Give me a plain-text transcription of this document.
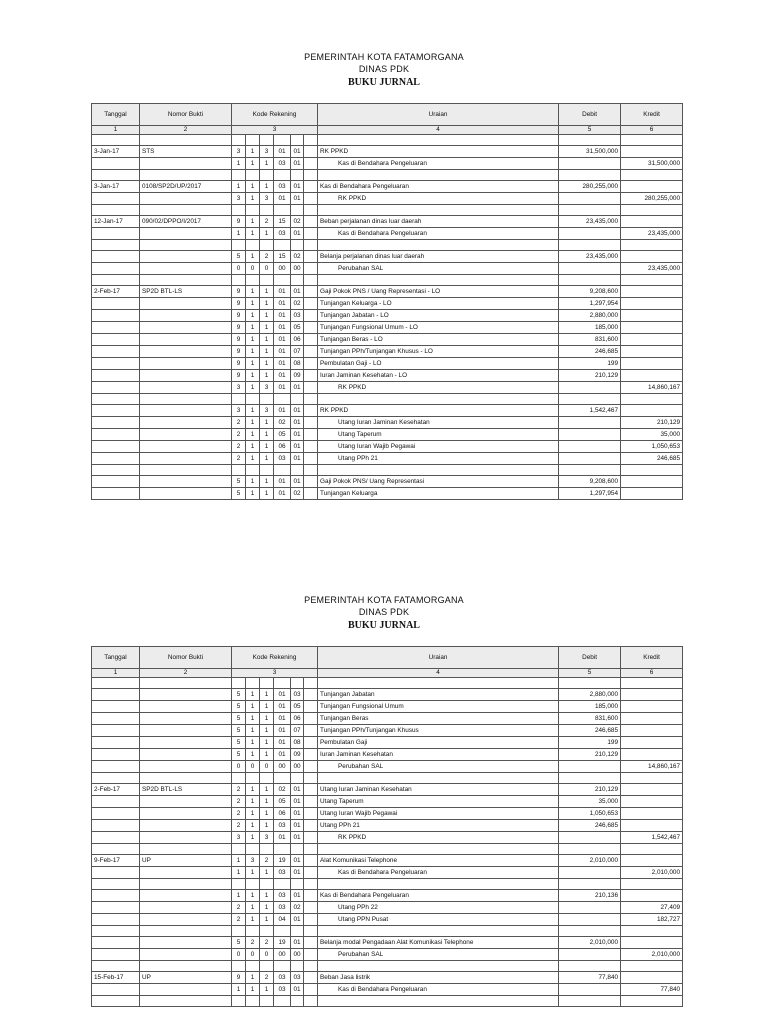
PEMERINTAH KOTA FATAMORGANA
DINAS PDK
BUKU JURNAL
Tanggal	Nomor Bukti	Kode Rekening						Uraian	Debit	Kredit
1	2	3						4	5	6

3-Jan-17	STS	3	1	3	01	01		RK PPKD	31,500,000	
		1	1	1	03	01		Kas di Bendahara Pengeluaran		31,500,000

3-Jan-17	0108/SP2D/UP/2017	1	1	1	03	01		Kas di Bendahara Pengeluaran	280,255,000	
		3	1	3	01	01		RK PPKD		280,255,000

12-Jan-17	090/02/DPPO/I/2017	9	1	2	15	02		Beban perjalanan dinas luar daerah	23,435,000	
		1	1	1	03	01		Kas di Bendahara Pengeluaran		23,435,000

		5	1	2	15	02		Belanja perjalanan dinas luar daerah	23,435,000	
		0	0	0	00	00		Perubahan SAL		23,435,000

2-Feb-17	SP2D BTL-LS	9	1	1	01	01		Gaji Pokok PNS / Uang Representasi - LO	9,208,600	
		9	1	1	01	02		Tunjangan Keluarga - LO	1,297,954	
		9	1	1	01	03		Tunjangan Jabatan - LO	2,880,000	
		9	1	1	01	05		Tunjangan Fungsional Umum - LO	185,000	
		9	1	1	01	06		Tunjangan Beras - LO	831,600	
		9	1	1	01	07		Tunjangan PPh/Tunjangan Khusus - LO	246,685	
		9	1	1	01	08		Pembulatan Gaji - LO	199	
		9	1	1	01	09		Iuran Jaminan Kesehatan - LO	210,129	
		3	1	3	01	01		RK PPKD		14,860,167

		3	1	3	01	01		RK PPKD	1,542,467	
		2	1	1	02	01		Utang Iuran Jaminan Kesehatan		210,129
		2	1	1	05	01		Utang Taperum		35,000
		2	1	1	06	01		Utang Iuran Wajib Pegawai		1,050,653
		2	1	1	03	01		Utang PPh 21		246,685

		5	1	1	01	01		Gaji Pokok PNS/ Uang Representasi	9,208,600	
		5	1	1	01	02		Tunjangan Keluarga	1,297,954	
PEMERINTAH KOTA FATAMORGANA
DINAS PDK
BUKU JURNAL
Tanggal	Nomor Bukti	Kode Rekening						Uraian	Debit	Kredit
1	2	3						4	5	6

		5	1	1	01	03		Tunjangan Jabatan	2,880,000	
		5	1	1	01	05		Tunjangan Fungsional Umum	185,000	
		5	1	1	01	06		Tunjangan Beras	831,600	
		5	1	1	01	07		Tunjangan PPh/Tunjangan Khusus	246,685	
		5	1	1	01	08		Pembulatan Gaji	199	
		5	1	1	01	09		Iuran Jaminan Kesehatan	210,129	
		0	0	0	00	00		Perubahan SAL		14,860,167

2-Feb-17	SP2D BTL-LS	2	1	1	02	01		Utang Iuran Jaminan Kesehatan	210,129	
		2	1	1	05	01		Utang Taperum	35,000	
		2	1	1	06	01		Utang Iuran Wajib Pegawai	1,050,653	
		2	1	1	03	01		Utang PPh 21	246,685	
		3	1	3	01	01		RK PPKD		1,542,467

9-Feb-17	UP	1	3	2	19	01		Alat Komunikasi Telephone	2,010,000	
		1	1	1	03	01		Kas di Bendahara Pengeluaran		2,010,000

		1	1	1	03	01		Kas di Bendahara Pengeluaran	210,136	
		2	1	1	03	02		Utang PPh 22		27,409
		2	1	1	04	01		Utang PPN Pusat		182,727

		5	2	2	19	01		Belanja modal Pengadaan Alat Komunikasi Telephone	2,010,000	
		0	0	0	00	00		Perubahan SAL		2,010,000

15-Feb-17	UP	9	1	2	03	03		Beban Jasa listrik	77,840	
		1	1	1	03	01		Kas di Bendahara Pengeluaran		77,840
